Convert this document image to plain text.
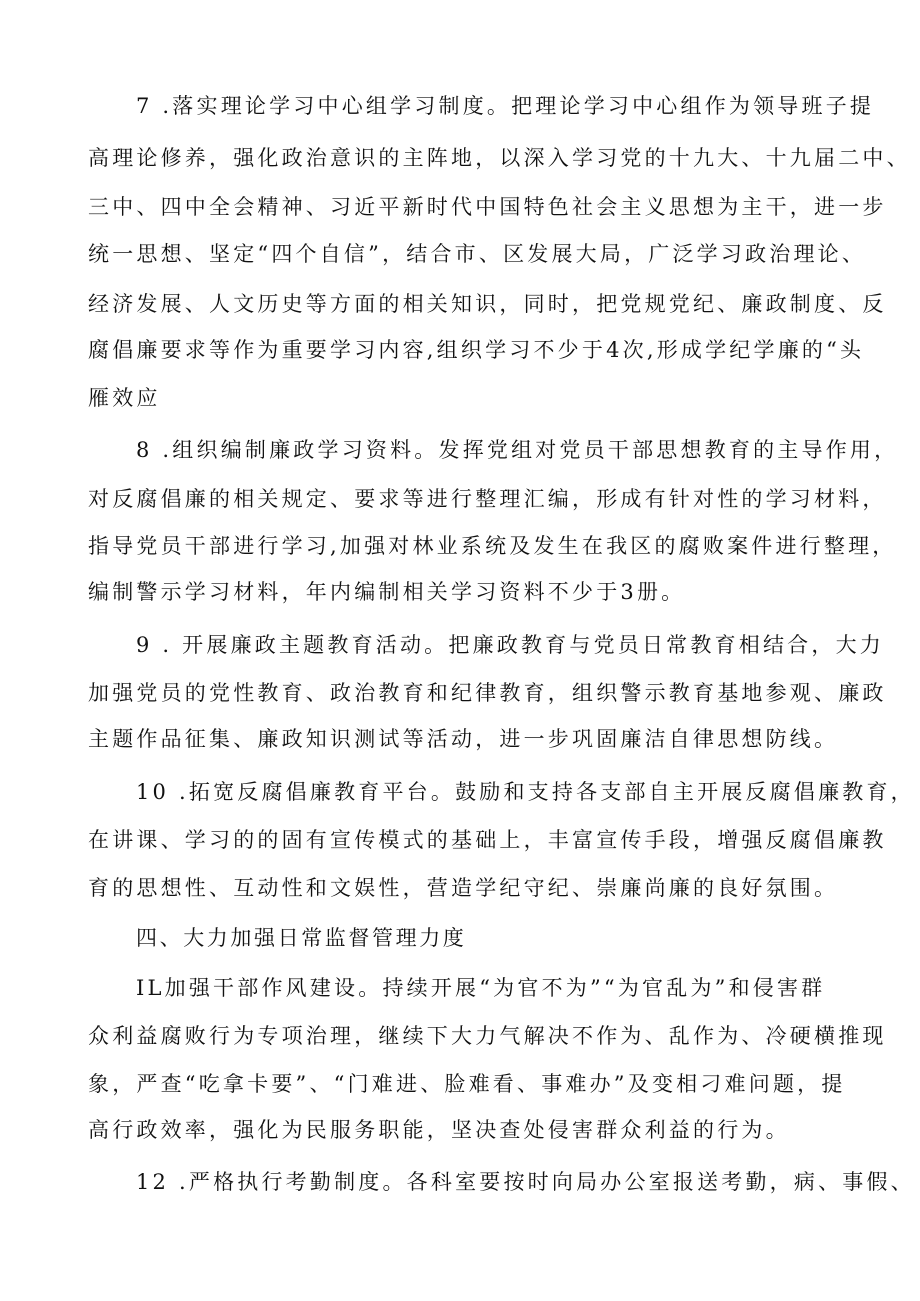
7 .落实理论学习中心组学习制度。把理论学习中心组作为领导班子提
高理论修养，强化政治意识的主阵地，以深入学习党的十九大、十九届二中、
三中、四中全会精神、习近平新时代中国特色社会主义思想为主干，进一步
统一思想、坚定“四个自信”，结合市、区发展大局，广泛学习政治理论、
经济发展、人文历史等方面的相关知识，同时，把党规党纪、廉政制度、反
腐倡廉要求等作为重要学习内容,组织学习不少于4次,形成学纪学廉的“头
雁效应
8 .组织编制廉政学习资料。发挥党组对党员干部思想教育的主导作用，
对反腐倡廉的相关规定、要求等进行整理汇编，形成有针对性的学习材料，
指导党员干部进行学习,加强对林业系统及发生在我区的腐败案件进行整理，
编制警示学习材料，年内编制相关学习资料不少于3册。
9 . 开展廉政主题教育活动。把廉政教育与党员日常教育相结合，大力
加强党员的党性教育、政治教育和纪律教育，组织警示教育基地参观、廉政
主题作品征集、廉政知识测试等活动，进一步巩固廉洁自律思想防线。
10 .拓宽反腐倡廉教育平台。鼓励和支持各支部自主开展反腐倡廉教育，
在讲课、学习的的固有宣传模式的基础上，丰富宣传手段，增强反腐倡廉教
育的思想性、互动性和文娱性，营造学纪守纪、崇廉尚廉的良好氛围。
四、大力加强日常监督管理力度
IL加强干部作风建设。持续开展“为官不为”“为官乱为”和侵害群
众利益腐败行为专项治理，继续下大力气解决不作为、乱作为、冷硬横推现
象，严查“吃拿卡要”、“门难进、脸难看、事难办”及变相刁难问题，提
高行政效率，强化为民服务职能，坚决查处侵害群众利益的行为。
12 .严格执行考勤制度。各科室要按时向局办公室报送考勤，病、事假、
